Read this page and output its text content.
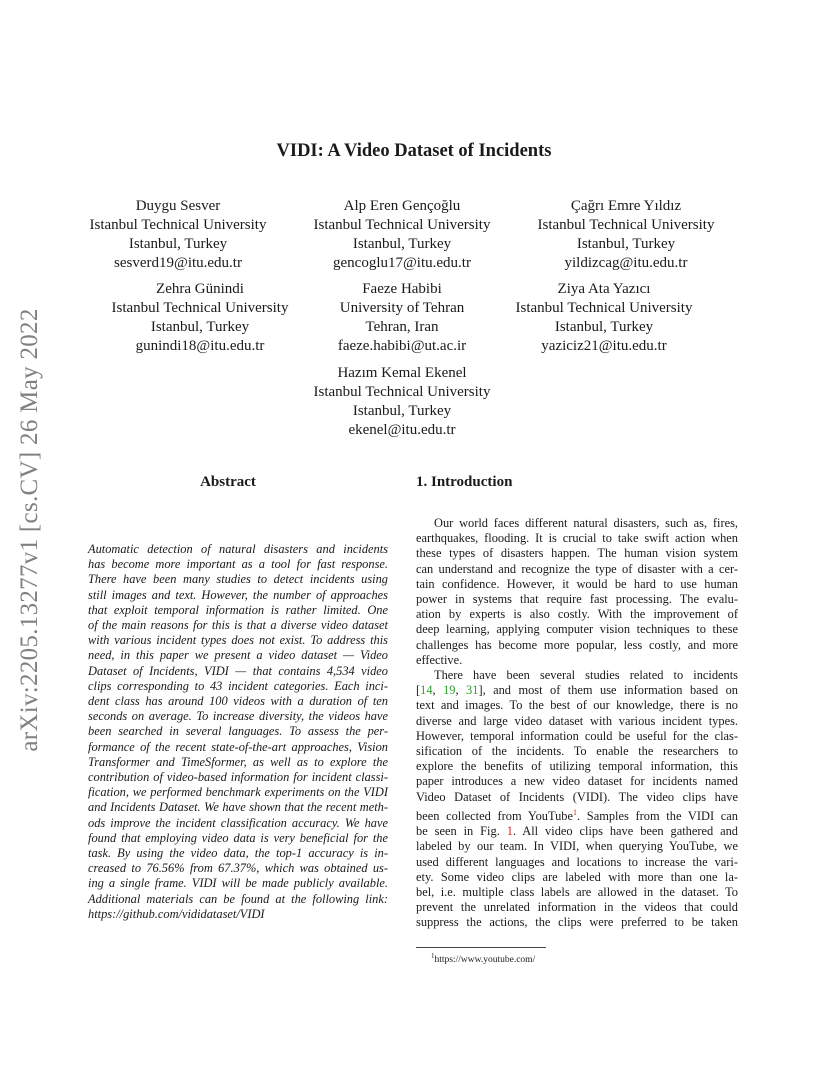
arXiv:2205.13277v1 [cs.CV] 26 May 2022
VIDI: A Video Dataset of Incidents
Duygu Sesver
Istanbul Technical University
Istanbul, Turkey
sesverd19@itu.edu.tr
Alp Eren Gençoğlu
Istanbul Technical University
Istanbul, Turkey
gencoglu17@itu.edu.tr
Çağrı Emre Yıldız
Istanbul Technical University
Istanbul, Turkey
yildizcag@itu.edu.tr
Zehra Günindi
Istanbul Technical University
Istanbul, Turkey
gunindi18@itu.edu.tr
Faeze Habibi
University of Tehran
Tehran, Iran
faeze.habibi@ut.ac.ir
Ziya Ata Yazıcı
Istanbul Technical University
Istanbul, Turkey
yaziciz21@itu.edu.tr
Hazım Kemal Ekenel
Istanbul Technical University
Istanbul, Turkey
ekenel@itu.edu.tr
Abstract
Automatic detection of natural disasters and incidents
has become more important as a tool for fast response.
There have been many studies to detect incidents using
still images and text. However, the number of approaches
that exploit temporal information is rather limited. One
of the main reasons for this is that a diverse video dataset
with various incident types does not exist. To address this
need, in this paper we present a video dataset — Video
Dataset of Incidents, VIDI — that contains 4,534 video
clips corresponding to 43 incident categories. Each inci-
dent class has around 100 videos with a duration of ten
seconds on average. To increase diversity, the videos have
been searched in several languages. To assess the per-
formance of the recent state-of-the-art approaches, Vision
Transformer and TimeSformer, as well as to explore the
contribution of video-based information for incident classi-
fication, we performed benchmark experiments on the VIDI
and Incidents Dataset. We have shown that the recent meth-
ods improve the incident classification accuracy. We have
found that employing video data is very beneficial for the
task. By using the video data, the top-1 accuracy is in-
creased to 76.56% from 67.37%, which was obtained us-
ing a single frame. VIDI will be made publicly available.
Additional materials can be found at the following link:
https://github.com/vididataset/VIDI
1. Introduction
Our world faces different natural disasters, such as, fires,
earthquakes, flooding. It is crucial to take swift action when
these types of disasters happen. The human vision system
can understand and recognize the type of disaster with a cer-
tain confidence. However, it would be hard to use human
power in systems that require fast processing. The evalu-
ation by experts is also costly. With the improvement of
deep learning, applying computer vision techniques to these
challenges has become more popular, less costly, and more
effective.
There have been several studies related to incidents
[14, 19, 31], and most of them use information based on
text and images. To the best of our knowledge, there is no
diverse and large video dataset with various incident types.
However, temporal information could be useful for the clas-
sification of the incidents. To enable the researchers to
explore the benefits of utilizing temporal information, this
paper introduces a new video dataset for incidents named
Video Dataset of Incidents (VIDI). The video clips have
been collected from YouTube$^1$. Samples from the VIDI can
be seen in Fig. 1. All video clips have been gathered and
labeled by our team. In VIDI, when querying YouTube, we
used different languages and locations to increase the vari-
ety. Some video clips are labeled with more than one la-
bel, i.e. multiple class labels are allowed in the dataset. To
prevent the unrelated information in the videos that could
suppress the actions, the clips were preferred to be taken
$^1$https://www.youtube.com/
